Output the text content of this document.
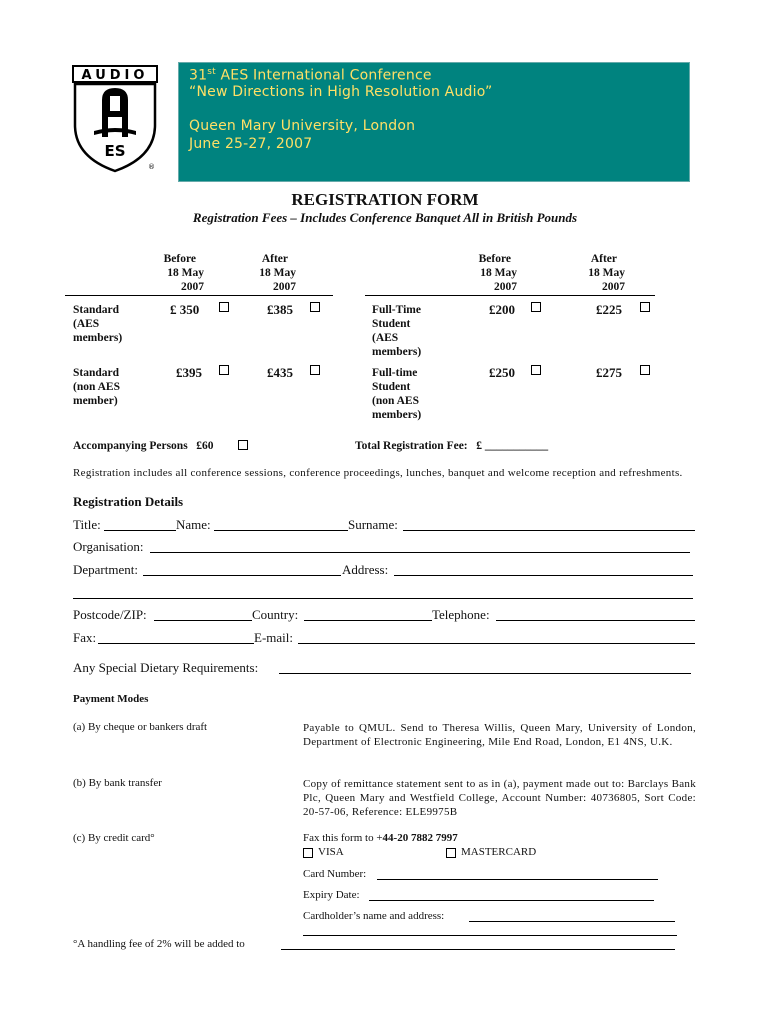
AUDIO
ES
®
31st AES International Conference
“New Directions in High Resolution Audio”
Queen Mary University, London
June 25-27, 2007
REGISTRATION FORM
Registration Fees – Includes Conference Banquet All in British Pounds
Before
18 May
2007
After
18 May
2007
Before
18 May
2007
After
18 May
2007
Standard
(AES
members)
£ 350	£385
Standard
(non AES
member)
£395	£435
Full-Time
Student
(AES
members)
£200	£225
Full-time
Student
(non AES
members)
£250	£275
Accompanying Persons   £60	Total Registration Fee:   £ ___________
Registration includes all conference sessions, conference proceedings, lunches, banquet and welcome reception and refreshments.
Registration Details
Title:	Name:	Surname:
Organisation:
Department:	Address:
Postcode/ZIP:	Country:	Telephone:
Fax:	E-mail:
Any Special Dietary Requirements:
Payment Modes
(a) By cheque or bankers draft	Payable to QMUL. Send to Theresa Willis, Queen Mary, University of London, Department of Electronic Engineering, Mile End Road, London, E1 4NS, U.K.
(b) By bank transfer	Copy of remittance statement sent to as in (a), payment made out to: Barclays Bank Plc, Queen Mary and Westfield College, Account Number: 40736805, Sort Code: 20-57-06, Reference: ELE9975B
(c) By credit card°	Fax this form to +44-20 7882 7997
VISA	MASTERCARD
Card Number:
Expiry Date:
Cardholder’s name and address:
°A handling fee of 2% will be added to
